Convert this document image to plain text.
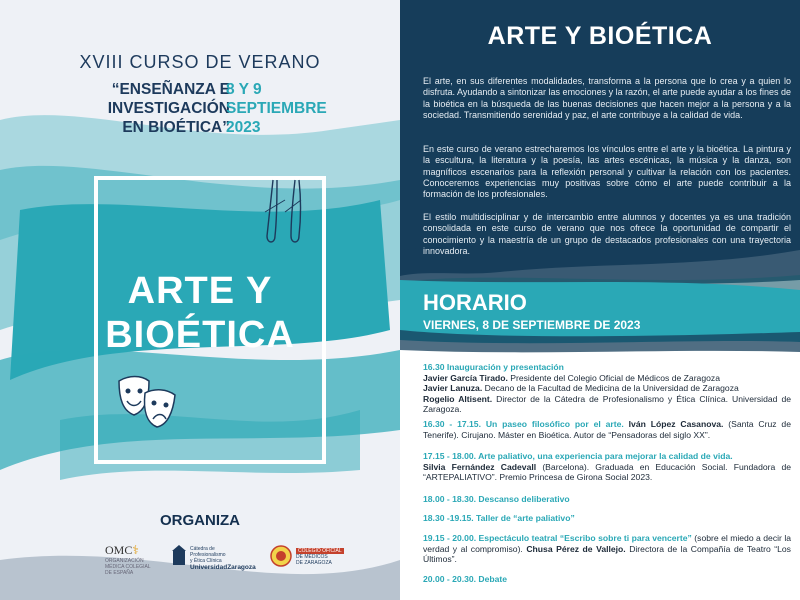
XVIII CURSO DE VERANO
“ENSEÑANZA E
INVESTIGACIÓN
EN BIOÉTICA”
8 Y 9
SEPTIEMBRE
2023
ARTE Y
BIOÉTICA
ORGANIZA
OMC⚕
ORGANIZACIÓN
MÉDICA COLEGIAL
DE ESPAÑA
Cátedra de
Profesionalismo
y Ética Clínica
UniversidadZaragoza
COLEGIO OFICIAL
DE MÉDICOS
DE ZARAGOZA
ARTE Y BIOÉTICA
El arte, en sus diferentes modalidades, transforma a la persona que lo crea y a quien lo disfruta. Ayudando a sintonizar las emociones y la razón, el arte puede ayudar a los fines de la bioética en la búsqueda de las buenas decisiones que hacen mejor a la persona y a la sociedad. Transmitiendo serenidad y paz, el arte contribuye a la calidad de vida.
En este curso de verano estrecharemos los vínculos entre el arte y la bioética. La pintura y la escultura, la literatura y la poesía, las artes escénicas, la música y la danza, son magníficos escenarios para la reflexión personal y cultivar la relación con los pacientes. Conoceremos experiencias muy positivas sobre cómo el arte puede contribuir a la formación de los profesionales.
El estilo multidisciplinar y de intercambio entre alumnos y docentes ya es una tradición consolidada en este curso de verano que nos ofrece la oportunidad de compartir el conocimiento y la maestría de un grupo de destacados profesionales con una trayectoria innovadora.
HORARIO
VIERNES, 8 DE SEPTIEMBRE DE 2023
16.30 Inauguración y presentación
Javier García Tirado. Presidente del Colegio Oficial de Médicos de Zaragoza
Javier Lanuza. Decano de la Facultad de Medicina de la Universidad de Zaragoza
Rogelio Altisent. Director de la Cátedra de Profesionalismo y Ética Clínica. Universidad de Zaragoza.
16.30 - 17.15. Un paseo filosófico por el arte. Iván López Casanova. (Santa Cruz de Tenerife). Cirujano. Máster en Bioética. Autor de “Pensadoras del siglo XX”.
17.15 - 18.00. Arte paliativo, una experiencia para mejorar la calidad de vida.
Silvia Fernández Cadevall (Barcelona). Graduada en Educación Social. Fundadora de “ARTEPALIATIVO”. Premio Princesa de Girona Social 2023.
18.00 - 18.30. Descanso deliberativo
18.30 -19.15. Taller de “arte paliativo”
19.15 - 20.00. Espectáculo teatral “Escribo sobre ti para vencerte” (sobre el miedo a decir la verdad y al compromiso). Chusa Pérez de Vallejo. Directora de la Compañía de Teatro “Los Últimos”.
20.00 - 20.30. Debate
